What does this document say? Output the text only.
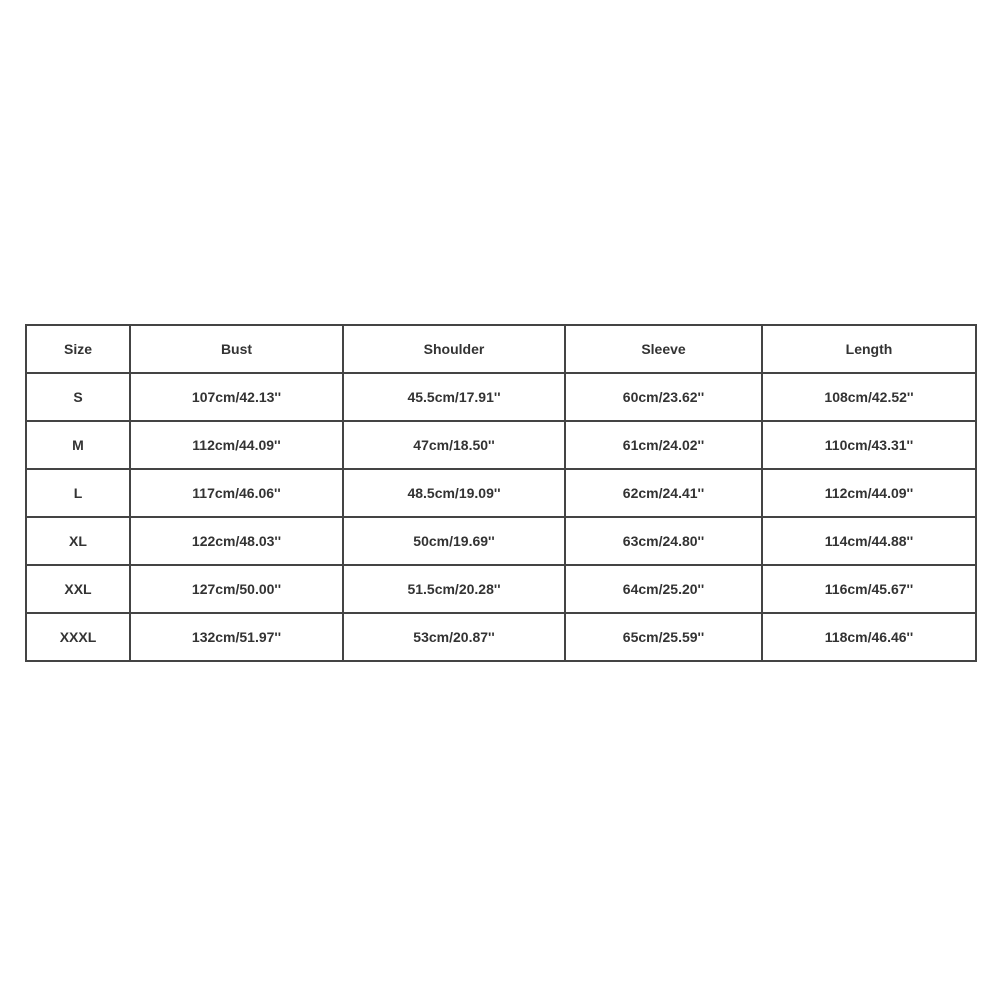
Size	Bust	Shoulder	Sleeve	Length
S	107cm/42.13''	45.5cm/17.91''	60cm/23.62''	108cm/42.52''
M	112cm/44.09''	47cm/18.50''	61cm/24.02''	110cm/43.31''
L	117cm/46.06''	48.5cm/19.09''	62cm/24.41''	112cm/44.09''
XL	122cm/48.03''	50cm/19.69''	63cm/24.80''	114cm/44.88''
XXL	127cm/50.00''	51.5cm/20.28''	64cm/25.20''	116cm/45.67''
XXXL	132cm/51.97''	53cm/20.87''	65cm/25.59''	118cm/46.46''
